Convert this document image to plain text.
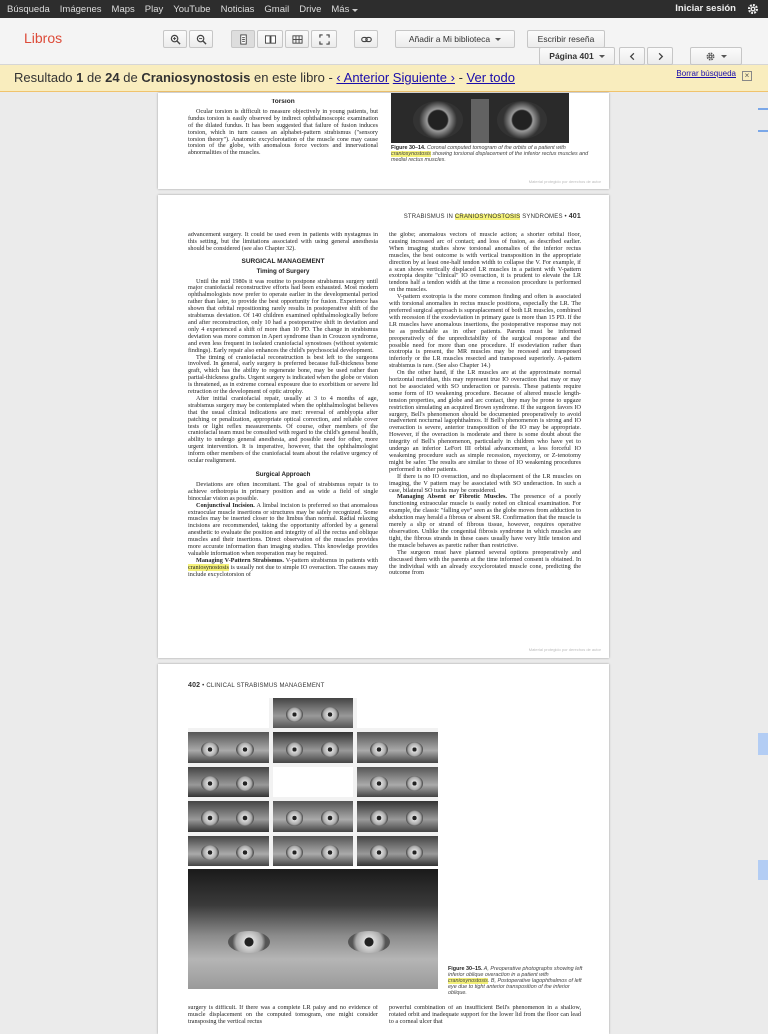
Búsqueda Imágenes Maps Play YouTube Noticias Gmail Drive Más	Iniciar sesión
Libros	Añadir a Mi biblioteca	Escribir reseña
Página 401
Resultado 1 de 24 de Craniosynostosis en este libro - ‹ Anterior Siguiente › - Ver todo	Borrar búsqueda	×
Torsion

Ocular torsion is difficult to measure objectively in young patients, but fundus torsion is easily observed by indirect ophthalmoscopic examination of the dilated fundus. It has been suggested that failure of fusion induces torsion, which in turn causes an alphabet-pattern strabismus ("sensory torsion theory"). Anatomic excyclorotation of the muscle cone may cause torsion of the globe, with anomalous force vectors and innervational abnormalities of the muscles.

Figure 30–14. Coronal computed tomogram of the orbits of a patient with craniosynostosis showing torsional displacement of the inferior rectus muscles and medial rectus muscles.
Material protegido por derechos de autor
STRABISMUS IN CRANIOSYNOSTOSIS SYNDROMES • 401

advancement surgery. It could be used even in patients with nystagmus in this setting, but the limitations associated with using general anesthesia should be considered (see also Chapter 32).

SURGICAL MANAGEMENT
Timing of Surgery

Until the mid 1980s it was routine to postpone strabismus surgery until major craniofacial reconstructive efforts had been exhausted. Most modern ophthalmologists now prefer to operate earlier in the developmental period rather than later, to provide the best opportunity for fusion. Experience has shown that orbital repositioning rarely results in postoperative shift of the strabismus deviation. Of 140 children examined ophthalmologically before and after reconstruction, only 10 had a postoperative shift in deviation and only 4 experienced a shift of more than 10 PD. The change in strabismus deviation was more common in Apert syndrome than in Crouzon syndrome, and even less frequent in isolated craniofacial synostoses (without systemic findings). Early repair also enhances the child's psychosocial development.

The timing of craniofacial reconstruction is best left to the surgeons involved. In general, early surgery is preferred because full-thickness bone graft, which has the ability to regenerate bone, may be used rather than partial-thickness grafts. Urgent surgery is indicated when the globe or vision is threatened, as in extreme corneal exposure due to exorbitism or severe lid retraction or the development of optic atrophy.

After initial craniofacial repair, usually at 3 to 4 months of age, strabismus surgery may be contemplated when the ophthalmologist believes that the usual clinical indications are met: reversal of amblyopia after patching or penalization, appropriate optical correction, and reliable cover tests or light reflex measurements. Of course, other members of the craniofacial team must be consulted with regard to the child's general health, ability to undergo general anesthesia, and possible need for other, more urgent intervention. It is imperative, however, that the ophthalmologist inform other members of the craniofacial team about the relative urgency of ocular realignment.

Surgical Approach

Deviations are often incomitant. The goal of strabismus repair is to achieve orthotropia in primary position and as wide a field of single binocular vision as possible.

Conjunctival Incision. A limbal incision is preferred so that anomalous extraocular muscle insertions or structures may be safely recognized. Some muscles may be inserted closer to the limbus than normal. Radial relaxing incisions are recommended, taking the opportunity afforded by a general anesthetic to evaluate the position and integrity of all the rectus and oblique muscles and their insertions. Direct observation of the muscles provides more accurate information than imaging studies. This knowledge provides valuable information when reoperation may be required.

Managing V-Pattern Strabismus. V-pattern strabismus in patients with craniosynostosis is usually not due to simple IO overaction. The causes may include excyclotorsion of

the globe; anomalous vectors of muscle action; a shorter orbital floor, causing increased arc of contact; and loss of fusion, as described earlier. When imaging studies show torsional anomalies of the inferior rectus muscles, the best outcome is with vertical transposition in the appropriate direction by at least one-half tendon width to collapse the V. For example, if a scan shows vertically displaced LR muscles in a patient with V-pattern exotropia despite "clinical" IO overaction, it is prudent to elevate the LR tendons half a tendon width at the time a recession procedure is performed on the muscles.

V-pattern exotropia is the more common finding and often is associated with torsional anomalies in rectus muscle positions, especially the LR. The preferred surgical approach is supraplacement of both LR muscles, combined with recession if the exodeviation in primary gaze is more than 15 PD. If the LR muscles have anomalous insertions, the postoperative response may not be as predictable as in other patients. Parents must be informed preoperatively of the unpredictability of the surgical response and the possible need for more than one procedure. If esodeviation rather than exotropia is present, the MR muscles may be recessed and transposed inferiorly or the LR muscles resected and transposed superiorly. A-pattern strabismus is rare. (See also Chapter 14.)

On the other hand, if the LR muscles are at the approximate normal horizontal meridian, this may represent true IO overaction that may or may not be associated with SO underaction or paresis. These patients require some form of IO weakening procedure. Because of altered muscle length-tension properties, and globe and arc contact, they may be prone to upgaze restriction simulating an acquired Brown syndrome. If the surgeon favors IO surgery, Bell's phenomenon should be documented preoperatively to avoid inadvertent nocturnal lagophthalmos. If Bell's phenomenon is strong and IO overaction is severe, anterior transposition of the IO may be appropriate. However, if the overaction is moderate and there is some doubt about the integrity of Bell's phenomenon, particularly in children who have yet to undergo an inferior LeFort III orbital advancement, a less forceful IO weakening procedure such as simple recession, myectomy, or Z-tenotomy might be safer. The results are similar to those of IO weakening procedures performed in other patients.

If there is no IO overaction, and no displacement of the LR muscles on imaging, the V pattern may be associated with SO underaction. In such a case, bilateral SO tucks may be considered.

Managing Absent or Fibrotic Muscles. The presence of a poorly functioning extraocular muscle is easily noted on clinical examination. For example, the classic "falling eye" seen as the globe moves from adduction to abduction may herald a fibrous or absent SR. Confirmation that the muscle is merely a slip or strand of fibrous tissue, however, requires operative observation. Unlike the congenital fibrosis syndrome in which muscles are tight, the fibrous strands in these cases usually have very little tension and the muscle behaves as paretic rather than restrictive.

The surgeon must have planned several options preoperatively and discussed them with the parents at the time informed consent is obtained. In the individual with an already excyclorotated muscle cone, predicting the outcome from

Material protegido por derechos de autor
402 • CLINICAL STRABISMUS MANAGEMENT
Figure 30–15. A, Preoperative photographs showing left inferior oblique overaction in a patient with craniosynostosis. B, Postoperative lagophthalmos of left eye due to tight anterior transposition of the inferior oblique.

surgery is difficult. If there was a complete LR palsy and no evidence of muscle displacement on the computed tomogram, one might consider transposing the vertical rectus

powerful combination of an insufficient Bell's phenomenon in a shallow, rotated orbit and inadequate support for the lower lid from the floor can lead to a corneal ulcer that
